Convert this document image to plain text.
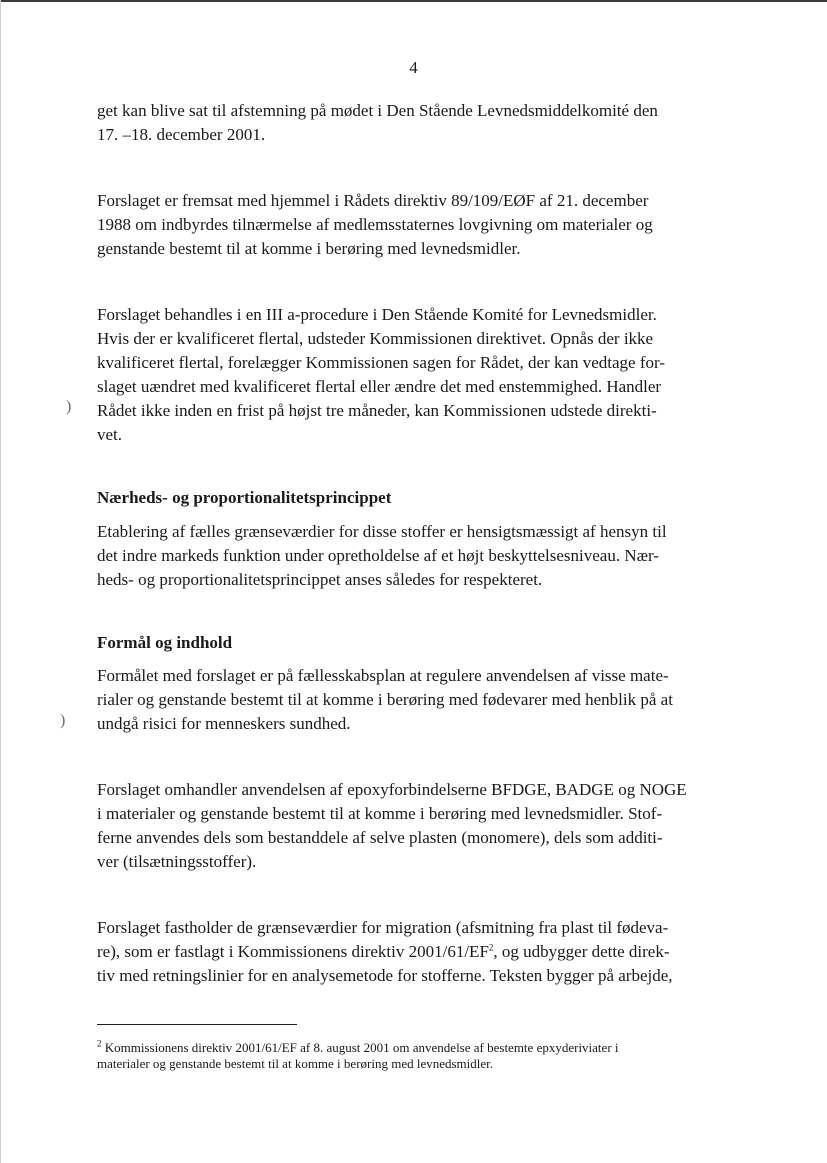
4
get kan blive sat til afstemning på mødet i Den Stående Levnedsmiddelkomité den
17. –18. december 2001.
Forslaget er fremsat med hjemmel i Rådets direktiv 89/109/EØF af 21. december
1988 om indbyrdes tilnærmelse af medlemsstaternes lovgivning om materialer og
genstande bestemt til at komme i berøring med levnedsmidler.
Forslaget behandles i en III a-procedure i Den Stående Komité for Levnedsmidler.
Hvis der er kvalificeret flertal, udsteder Kommissionen direktivet. Opnås der ikke
kvalificeret flertal, forelægger Kommissionen sagen for Rådet, der kan vedtage for-
slaget uændret med kvalificeret flertal eller ændre det med enstemmighed. Handler
Rådet ikke inden en frist på højst tre måneder, kan Kommissionen udstede direkti-
vet.
Nærheds- og proportionalitetsprincippet
Etablering af fælles grænseværdier for disse stoffer er hensigtsmæssigt af hensyn til
det indre markeds funktion under opretholdelse af et højt beskyttelsesniveau. Nær-
heds- og proportionalitetsprincippet anses således for respekteret.
Formål og indhold
Formålet med forslaget er på fællesskabsplan at regulere anvendelsen af visse mate-
rialer og genstande bestemt til at komme i berøring med fødevarer med henblik på at
undgå risici for menneskers sundhed.
Forslaget omhandler anvendelsen af epoxyforbindelserne BFDGE, BADGE og NOGE
i materialer og genstande bestemt til at komme i berøring med levnedsmidler. Stof-
ferne anvendes dels som bestanddele af selve plasten (monomere), dels som additi-
ver (tilsætningsstoffer).
Forslaget fastholder de grænseværdier for migration (afsmitning fra plast til fødeva-
re), som er fastlagt i Kommissionens direktiv $2001/61/EF^2$, og udbygger dette direk-
tiv med retningslinier for en analysemetode for stofferne. Teksten bygger på arbejde,
$^2$ Kommissionens direktiv 2001/61/EF af 8. august 2001 om anvendelse af bestemte epxyderiviater i
materialer og genstande bestemt til at komme i berøring med levnedsmidler.
)
)
